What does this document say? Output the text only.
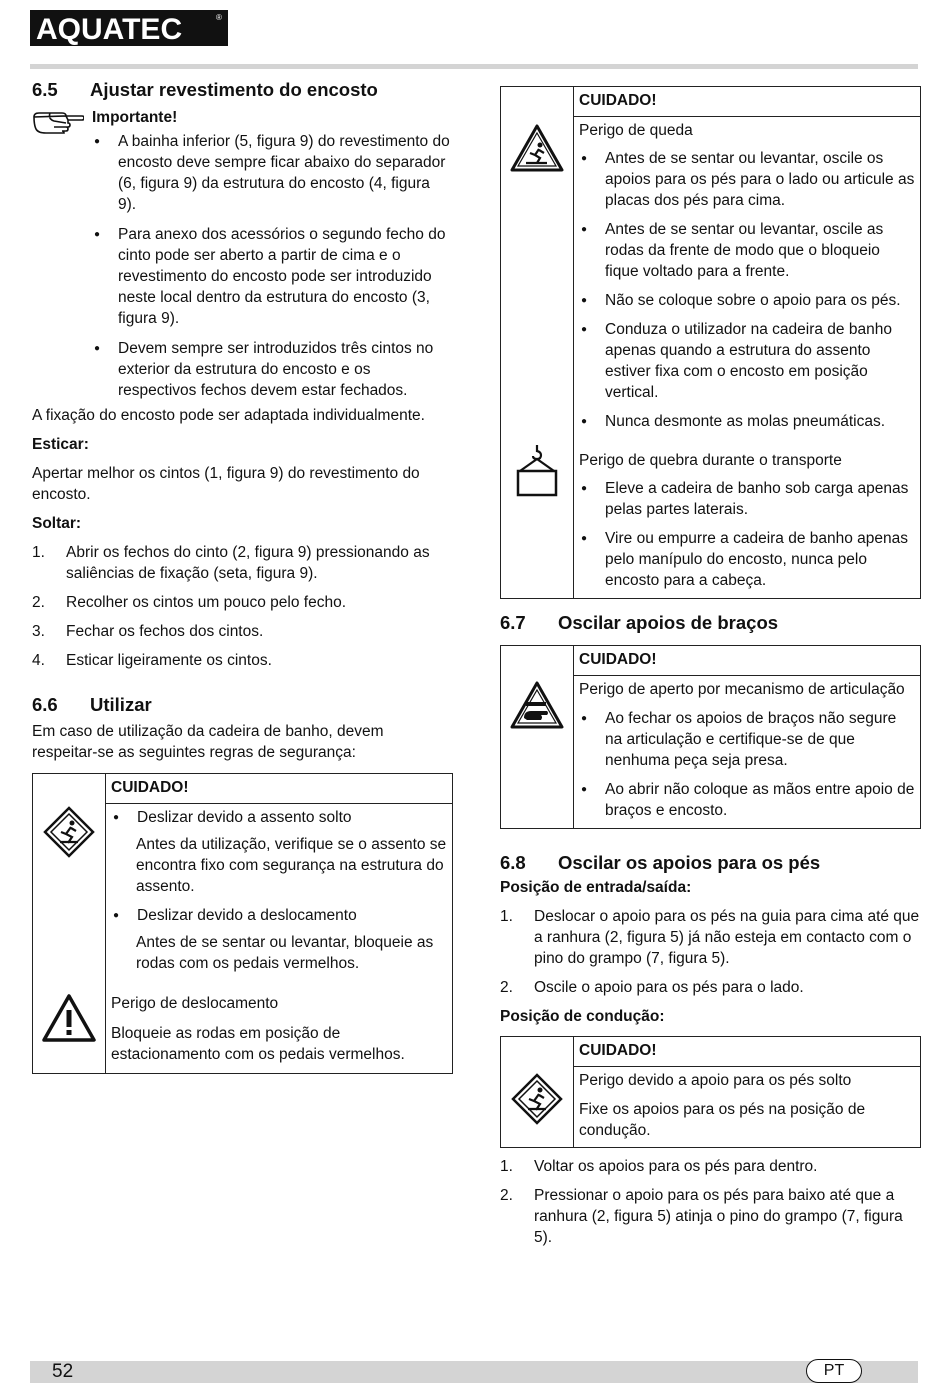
AQUATEC	®
6.5 Ajustar revestimento do encosto

Importante!

● A bainha inferior (5, figura 9) do revestimento do encosto deve sempre ficar abaixo do separador (6, figura 9) da estrutura do encosto (4, figura 9).
● Para anexo dos acessórios o segundo fecho do cinto pode ser aberto a partir de cima e o revestimento do encosto pode ser introduzido neste local dentro da estrutura do encosto (3, figura 9).
● Devem sempre ser introduzidos três cintos no exterior da estrutura do encosto e os respectivos fechos devem estar fechados.

A fixação do encosto pode ser adaptada individualmente.

Esticar:

Apertar melhor os cintos (1, figura 9) do revestimento do encosto.

Soltar:

1. Abrir os fechos do cinto (2, figura 9) pressionando as saliências de fixação (seta, figura 9).
2. Recolher os cintos um pouco pelo fecho.
3. Fechar os fechos dos cintos.
4. Esticar ligeiramente os cintos.
6.6 Utilizar

Em caso de utilização da cadeira de banho, devem respeitar-se as seguintes regras de segurança:

CUIDADO!
● Deslizar devido a assento solto

Antes da utilização, verifique se o assento se encontra fixo com segurança na estrutura do assento.

● Deslizar devido a deslocamento

Antes de se sentar ou levantar, bloqueie as rodas com os pedais vermelhos.

Perigo de deslocamento

Bloqueie as rodas em posição de estacionamento com os pedais vermelhos.

CUIDADO!

Perigo de queda

● Antes de se sentar ou levantar, oscile os apoios para os pés para o lado ou articule as placas dos pés para cima.
● Antes de se sentar ou levantar, oscile as rodas da frente de modo que o bloqueio fique voltado para a frente.
● Não se coloque sobre o apoio para os pés.
● Conduza o utilizador na cadeira de banho apenas quando a estrutura do assento estiver fixa com o encosto em posição vertical.
● Nunca desmonte as molas pneumáticas.

Perigo de quebra durante o transporte

● Eleve a cadeira de banho sob carga apenas pelas partes laterais.
● Vire ou empurre a cadeira de banho apenas pelo manípulo do encosto, nunca pelo encosto para a cabeça.
6.7 Oscilar apoios de braços

CUIDADO!

Perigo de aperto por mecanismo de articulação

● Ao fechar os apoios de braços não segure na articulação e certifique-se de que nenhuma peça seja presa.
● Ao abrir não coloque as mãos entre apoio de braços e encosto.
6.8 Oscilar os apoios para os pés

Posição de entrada/saída:

1. Deslocar o apoio para os pés na guia para cima até que a ranhura (2, figura 5) já não esteja em contacto com o pino do grampo (7, figura 5).
2. Oscile o apoio para os pés para o lado.

Posição de condução:

CUIDADO!

Perigo devido a apoio para os pés solto

Fixe os apoios para os pés na posição de condução.

1. Voltar os apoios para os pés para dentro.
2. Pressionar o apoio para os pés para baixo até que a ranhura (2, figura 5) atinja o pino do grampo (7, figura 5).
52	PT
